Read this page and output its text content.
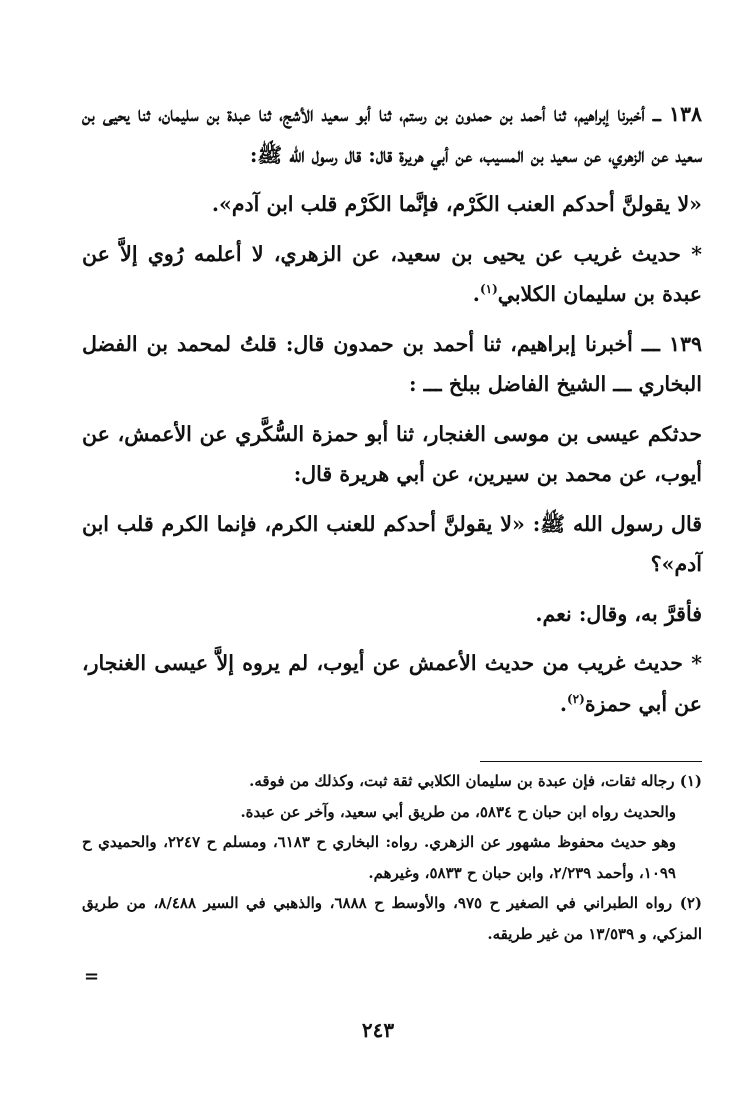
١٣٨ ـــ أخبرنا إبراهيم، ثنا أحمد بن حمدون بن رستم، ثنا أبو سعيد الأشج، ثنا عبدة بن سليمان، ثنا يحيى بن سعيد عن الزهري، عن سعيد بن المسيب، عن أبي هريرة قال: قال رسول الله ﷺ:

«لا يقولنَّ أحدكم العنب الكَرْم، فإنَّما الكَرْم قلب ابن آدم».

* حديث غريب عن يحيى بن سعيد، عن الزهري، لا أعلمه رُوي إلاَّ عن عبدة بن سليمان الكلابي$^{(١)}$.

١٣٩ ـــ أخبرنا إبراهيم، ثنا أحمد بن حمدون قال: قلتُ لمحمد بن الفضل البخاري ـــ الشيخ الفاضل ببلخ ـــ :

حدثكم عيسى بن موسى الغنجار، ثنا أبو حمزة السُّكَّري عن الأعمش، عن أيوب، عن محمد بن سيرين، عن أبي هريرة قال:

قال رسول الله ﷺ: «لا يقولنَّ أحدكم للعنب الكرم، فإنما الكرم قلب ابن آدم»؟

فأقرَّ به، وقال: نعم.

* حديث غريب من حديث الأعمش عن أيوب، لم يروه إلاَّ عيسى الغنجار، عن أبي حمزة$^{(٢)}$.

(١) رجاله ثقات، فإن عبدة بن سليمان الكلابي ثقة ثبت، وكذلك من فوقه.

والحديث رواه ابن حبان ح ٥٨٣٤، من طريق أبي سعيد، وآخر عن عبدة.

وهو حديث محفوظ مشهور عن الزهري. رواه: البخاري ح ٦١٨٣، ومسلم ح ٢٢٤٧، والحميدي ح ١٠٩٩، وأحمد ٢/٢٣٩، وابن حبان ح ٥٨٣٣، وغيرهم.

(٢) رواه الطبراني في الصغير ح ٩٧٥، والأوسط ح ٦٨٨٨، والذهبي في السير ٨/٤٨٨، من طريق المزكي، و ١٣/٥٣٩ من غير طريقه.

=
٢٤٣
